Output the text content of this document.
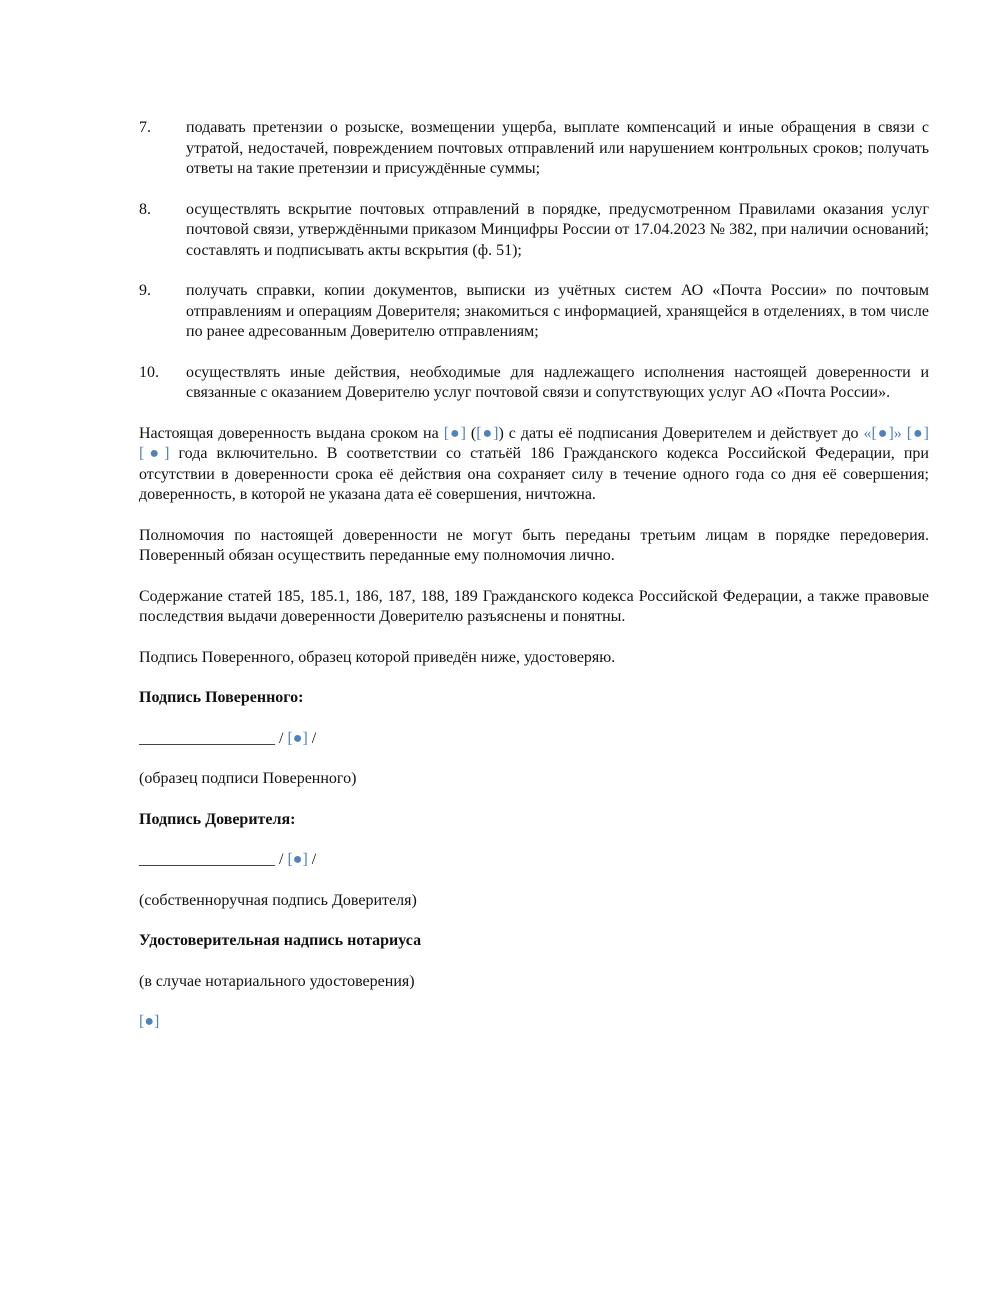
7. подавать претензии о розыске, возмещении ущерба, выплате компенсаций и иные обращения в связи с утратой, недостачей, повреждением почтовых отправлений или нарушением контрольных сроков; получать ответы на такие претензии и присуждённые суммы;
8. осуществлять вскрытие почтовых отправлений в порядке, предусмотренном Правилами оказания услуг почтовой связи, утверждёнными приказом Минцифры России от 17.04.2023 № 382, при наличии оснований; составлять и подписывать акты вскрытия (ф. 51);
9. получать справки, копии документов, выписки из учётных систем АО «Почта России» по почтовым отправлениям и операциям Доверителя; знакомиться с информацией, хранящейся в отделениях, в том числе по ранее адресованным Доверителю отправлениям;
10. осуществлять иные действия, необходимые для надлежащего исполнения настоящей доверенности и связанные с оказанием Доверителю услуг почтовой связи и сопутствующих услуг АО «Почта России».

Настоящая доверенность выдана сроком на [●] ([●]) с даты её подписания Доверителем и действует до «[●]» [●] [●] года включительно. В соответствии со статьёй 186 Гражданского кодекса Российской Федерации, при отсутствии в доверенности срока её действия она сохраняет силу в течение одного года со дня её совершения; доверенность, в которой не указана дата её совершения, ничтожна.

Полномочия по настоящей доверенности не могут быть переданы третьим лицам в порядке передоверия. Поверенный обязан осуществить переданные ему полномочия лично.

Содержание статей 185, 185.1, 186, 187, 188, 189 Гражданского кодекса Российской Федерации, а также правовые последствия выдачи доверенности Доверителю разъяснены и понятны.

Подпись Поверенного, образец которой приведён ниже, удостоверяю.

Подпись Поверенного:

_________________ / [●] /

(образец подписи Поверенного)

Подпись Доверителя:

_________________ / [●] /

(собственноручная подпись Доверителя)

Удостоверительная надпись нотариуса

(в случае нотариального удостоверения)

[●]
